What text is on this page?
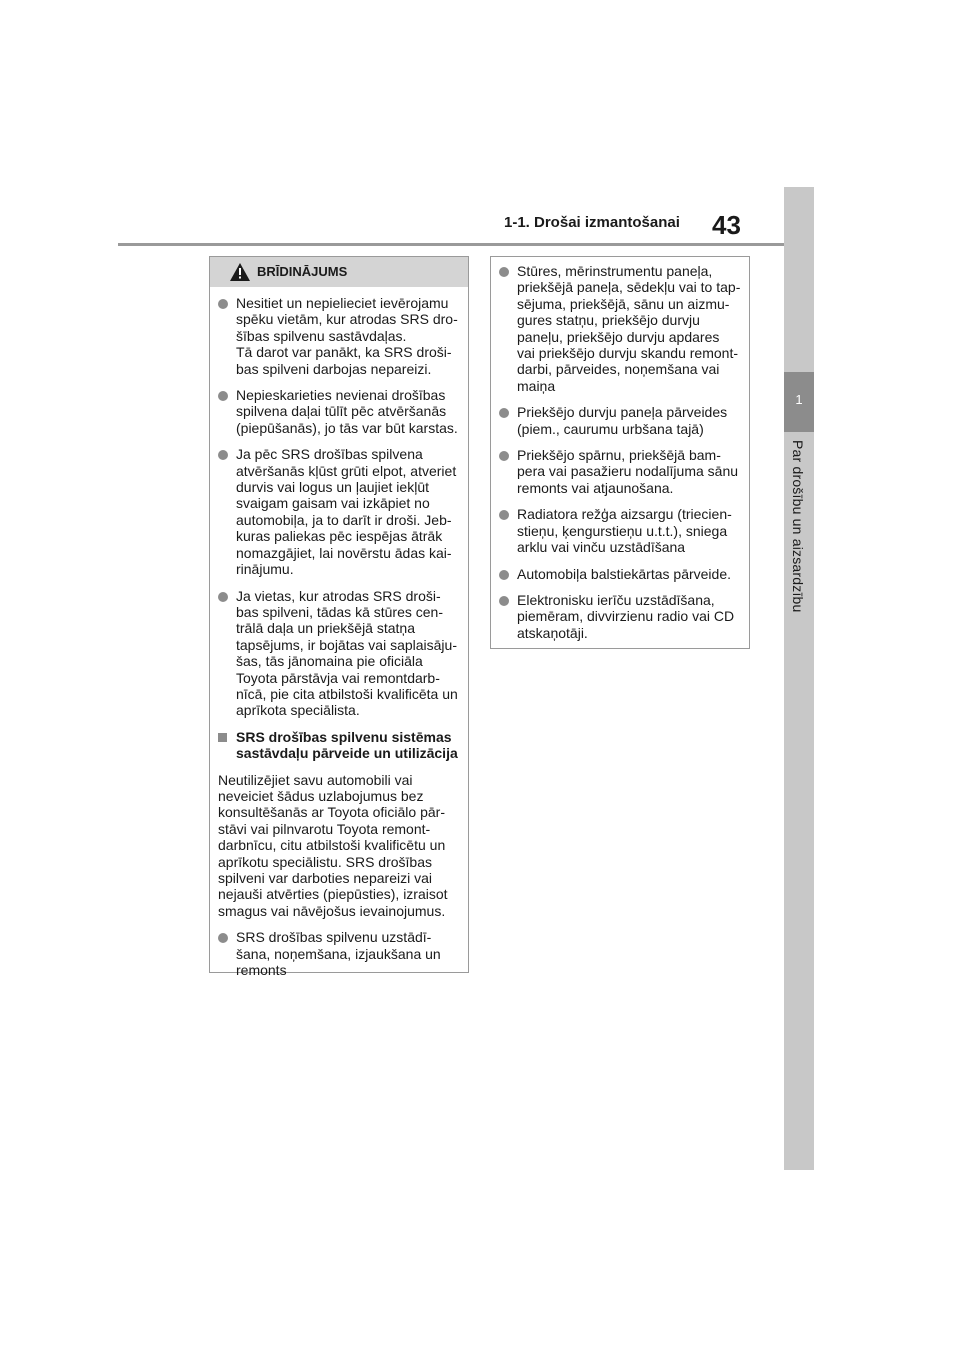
1-1. Drošai izmantošanai 43
1
Par drošību un aizsardzību
BRĪDINĀJUMS
Nesitiet un nepielieciet ievērojamu spēku vietām, kur atrodas SRS dro-šības spilvenu sastāvdaļas.
Tā darot var panākt, ka SRS droši-bas spilveni darbojas nepareizi.
Nepieskarieties nevienai drošības spilvena daļai tūlīt pēc atvēršanās (piepūšanās), jo tās var būt karstas.
Ja pēc SRS drošības spilvena atvēršanās kļūst grūti elpot, atveriet durvis vai logus un ļaujiet iekļūt svaigam gaisam vai izkāpiet no automobiļa, ja to darīt ir droši. Jeb-kuras paliekas pēc iespējas ātrāk nomazgājiet, lai novērstu ādas kai-rinājumu.
Ja vietas, kur atrodas SRS droši-bas spilveni, tādas kā stūres cen-trālā daļa un priekšējā statņa tapsējums, ir bojātas vai saplaisāju-šas, tās jānomaina pie oficiāla Toyota pārstāvja vai remontdarb-nīcā, pie cita atbilstoši kvalificēta un aprīkota speciālista.
SRS drošības spilvenu sistēmas sastāvdaļu pārveide un utilizācija
Neutilizējiet savu automobili vai neveiciet šādus uzlabojumus bez konsultēšanās ar Toyota oficiālo pār-stāvi vai pilnvarotu Toyota remont-darbnīcu, citu atbilstoši kvalificētu un aprīkotu speciālistu. SRS drošības spilveni var darboties nepareizi vai nejauši atvērties (piepūsties), izraisot smagus vai nāvējošus ievainojumus.
SRS drošības spilvenu uzstādī-šana, noņemšana, izjaukšana un remonts
Stūres, mērinstrumentu paneļa, priekšējā paneļa, sēdekļu vai to tap-sējuma, priekšējā, sānu un aizmu-gures statņu, priekšējo durvju paneļu, priekšējo durvju apdares vai priekšējo durvju skandu remont-darbi, pārveides, noņemšana vai maiņa
Priekšējo durvju paneļa pārveides (piem., caurumu urbšana tajā)
Priekšējo spārnu, priekšējā bam-pera vai pasažieru nodalījuma sānu remonts vai atjaunošana.
Radiatora režģa aizsargu (triecien-stieņu, ķengurstieņu u.t.t.), sniega arklu vai vinču uzstādīšana
Automobiļa balstiekārtas pārveide.
Elektronisku ierīču uzstādīšana, piemēram, divvirzienu radio vai CD atskaņotāji.
